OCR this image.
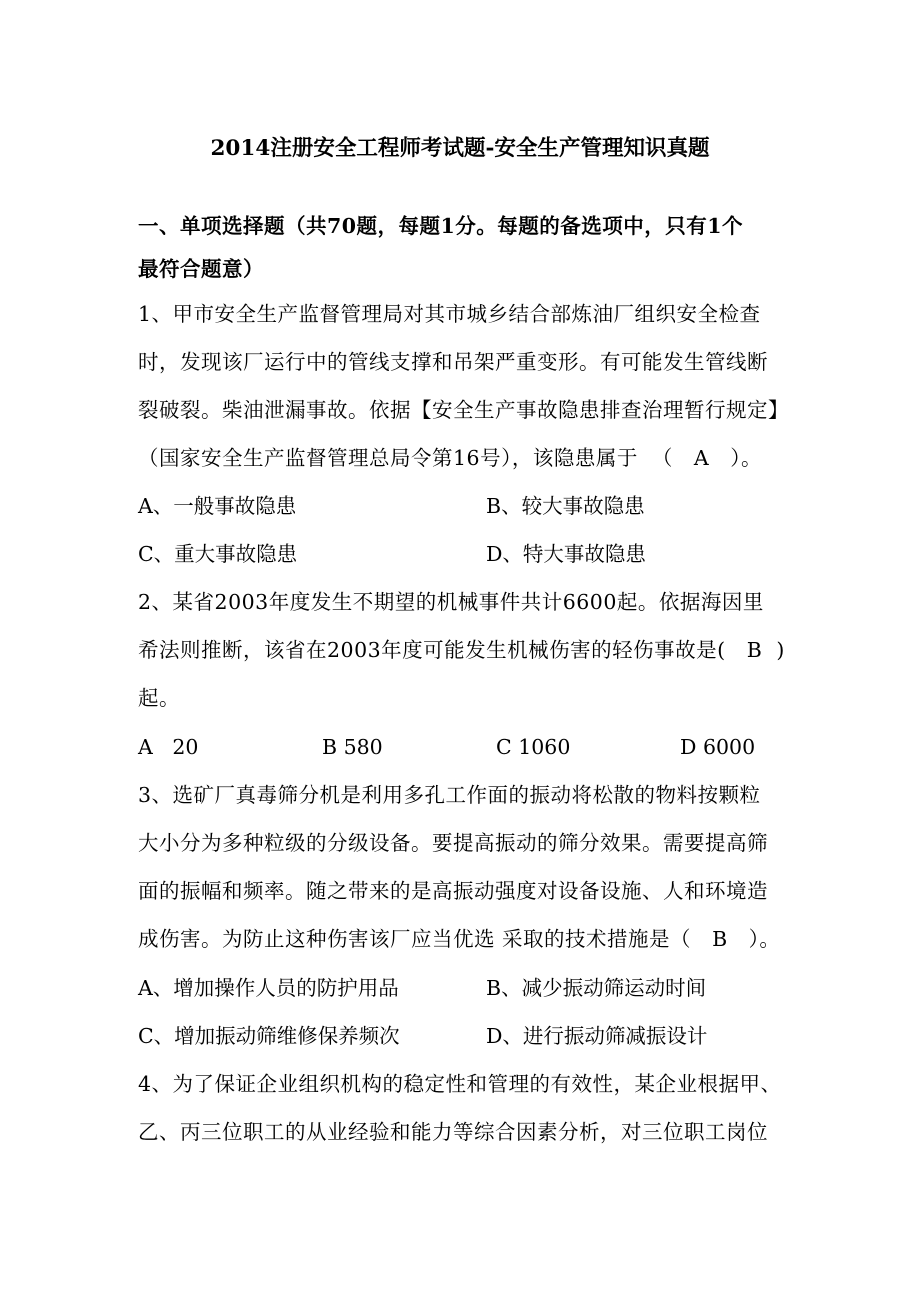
2014注册安全工程师考试题-安全生产管理知识真题
一、单项选择题（共70题，每题1分。每题的备选项中，只有1个
最符合题意）
1、甲市安全生产监督管理局对其市城乡结合部炼油厂组织安全检查
时，发现该厂运行中的管线支撑和吊架严重变形。有可能发生管线断
裂破裂。柴油泄漏事故。依据【安全生产事故隐患排查治理暂行规定】
（国家安全生产监督管理总局令第16号），该隐患属于  （   A   ）。
A、一般事故隐患	B、较大事故隐患
C、重大事故隐患	D、特大事故隐患
2、某省2003年度发生不期望的机械事件共计6600起。依据海因里
希法则推断，该省在2003年度可能发生机械伤害的轻伤事故是(   B  )
起。
A   20	B 580	C 1060	D 6000
3、选矿厂真毒筛分机是利用多孔工作面的振动将松散的物料按颗粒
大小分为多种粒级的分级设备。要提高振动的筛分效果。需要提高筛
面的振幅和频率。随之带来的是高振动强度对设备设施、人和环境造
成伤害。为防止这种伤害该厂应当优选 采取的技术措施是（   B   ）。
A、增加操作人员的防护用品	B、减少振动筛运动时间
C、增加振动筛维修保养频次	D、进行振动筛减振设计
4、为了保证企业组织机构的稳定性和管理的有效性，某企业根据甲、
乙、丙三位职工的从业经验和能力等综合因素分析，对三位职工岗位
